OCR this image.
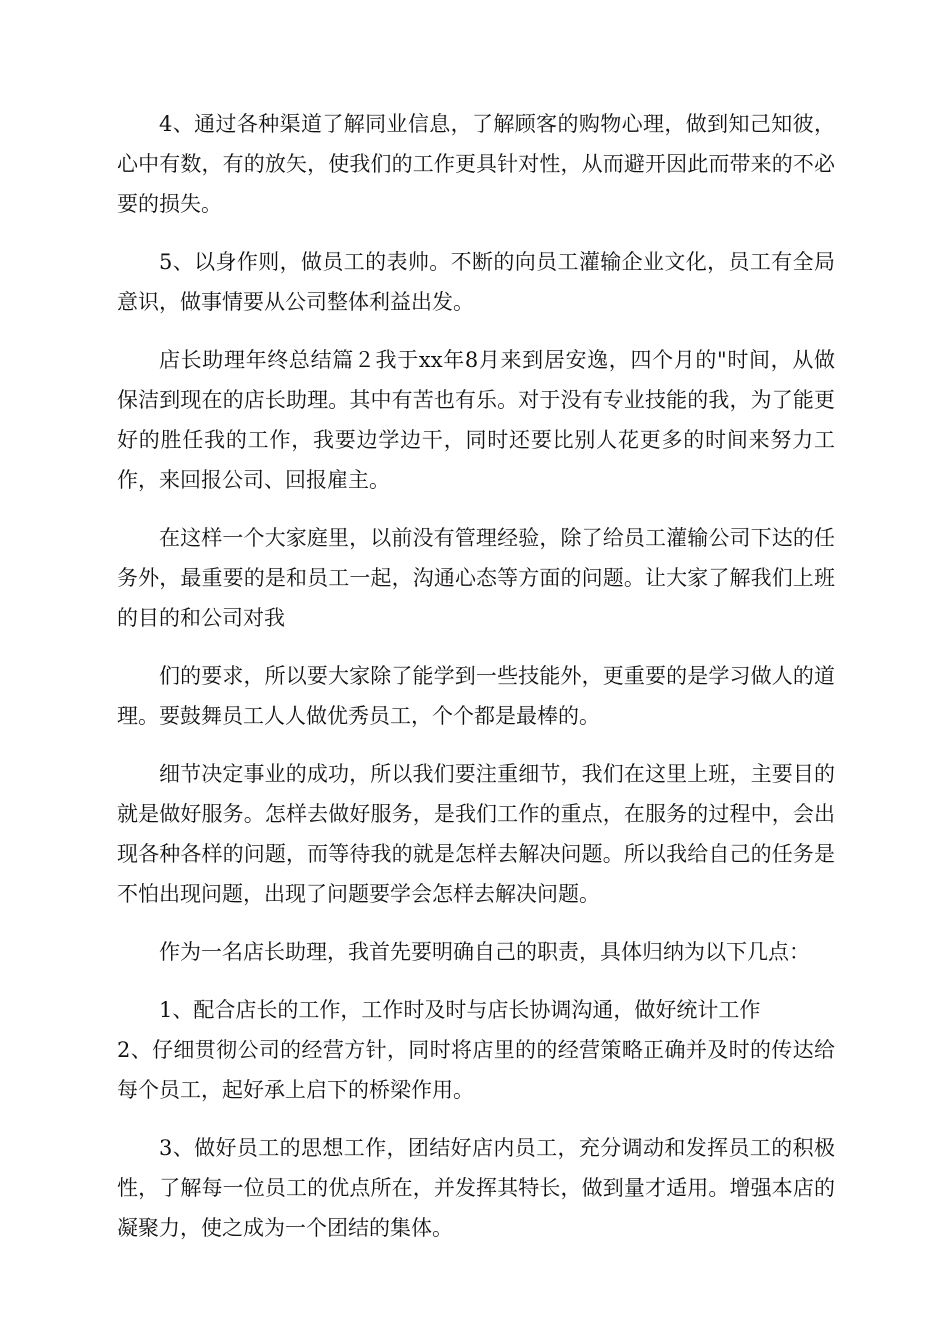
4、通过各种渠道了解同业信息，了解顾客的购物心理，做到知己知彼，心中有数，有的放矢，使我们的工作更具针对性，从而避开因此而带来的不必要的损失。

5、以身作则，做员工的表帅。不断的向员工灌输企业文化，员工有全局意识，做事情要从公司整体利益出发。

店长助理年终总结篇２我于xx年8月来到居安逸，四个月的"时间，从做保洁到现在的店长助理。其中有苦也有乐。对于没有专业技能的我，为了能更好的胜任我的工作，我要边学边干，同时还要比别人花更多的时间来努力工作，来回报公司、回报雇主。

在这样一个大家庭里，以前没有管理经验，除了给员工灌输公司下达的任务外，最重要的是和员工一起，沟通心态等方面的问题。让大家了解我们上班的目的和公司对我

们的要求，所以要大家除了能学到一些技能外，更重要的是学习做人的道理。要鼓舞员工人人做优秀员工，个个都是最棒的。

细节决定事业的成功，所以我们要注重细节，我们在这里上班，主要目的就是做好服务。怎样去做好服务，是我们工作的重点，在服务的过程中，会出现各种各样的问题，而等待我的就是怎样去解决问题。所以我给自己的任务是不怕出现问题，出现了问题要学会怎样去解决问题。

作为一名店长助理，我首先要明确自己的职责，具体归纳为以下几点：

1、配合店长的工作，工作时及时与店长协调沟通，做好统计工作
2、仔细贯彻公司的经营方针，同时将店里的的经营策略正确并及时的传达给每个员工，起好承上启下的桥梁作用。

3、做好员工的思想工作，团结好店内员工，充分调动和发挥员工的积极性，了解每一位员工的优点所在，并发挥其特长，做到量才适用。增强本店的凝聚力，使之成为一个团结的集体。
